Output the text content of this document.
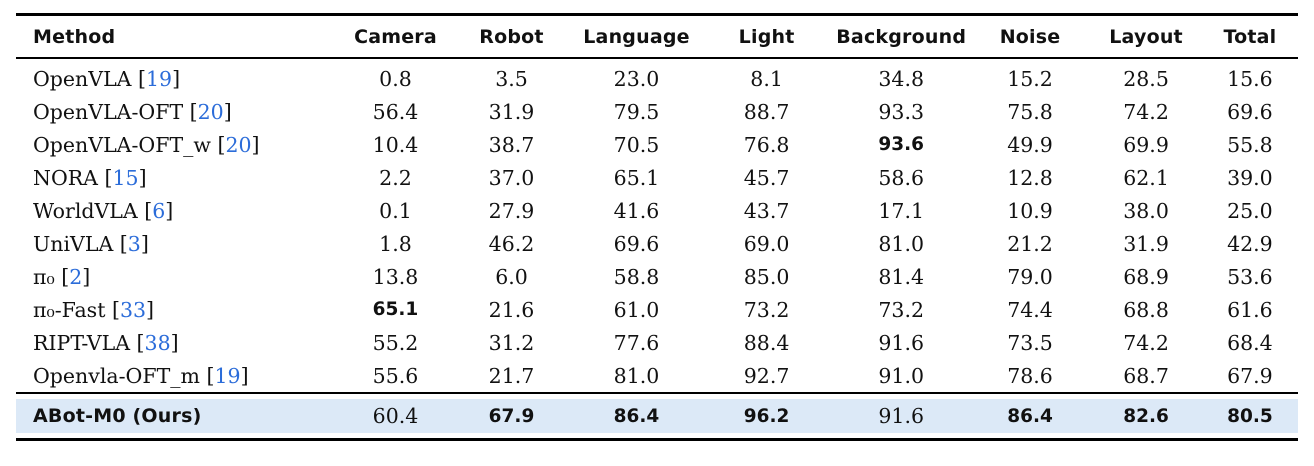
Method	Camera	Robot	Language	Light	Background	Noise	Layout	Total
OpenVLA [19]	0.8	3.5	23.0	8.1	34.8	15.2	28.5	15.6
OpenVLA-OFT [20]	56.4	31.9	79.5	88.7	93.3	75.8	74.2	69.6
OpenVLA-OFT_w [20]	10.4	38.7	70.5	76.8	93.6	49.9	69.9	55.8
NORA [15]	2.2	37.0	65.1	45.7	58.6	12.8	62.1	39.0
WorldVLA [6]	0.1	27.9	41.6	43.7	17.1	10.9	38.0	25.0
UniVLA [3]	1.8	46.2	69.6	69.0	81.0	21.2	31.9	42.9
π₀ [2]	13.8	6.0	58.8	85.0	81.4	79.0	68.9	53.6
π₀-Fast [33]	65.1	21.6	61.0	73.2	73.2	74.4	68.8	61.6
RIPT-VLA [38]	55.2	31.2	77.6	88.4	91.6	73.5	74.2	68.4
Openvla-OFT_m [19]	55.6	21.7	81.0	92.7	91.0	78.6	68.7	67.9

ABot-M0 (Ours)	60.4	67.9	86.4	96.2	91.6	86.4	82.6	80.5
